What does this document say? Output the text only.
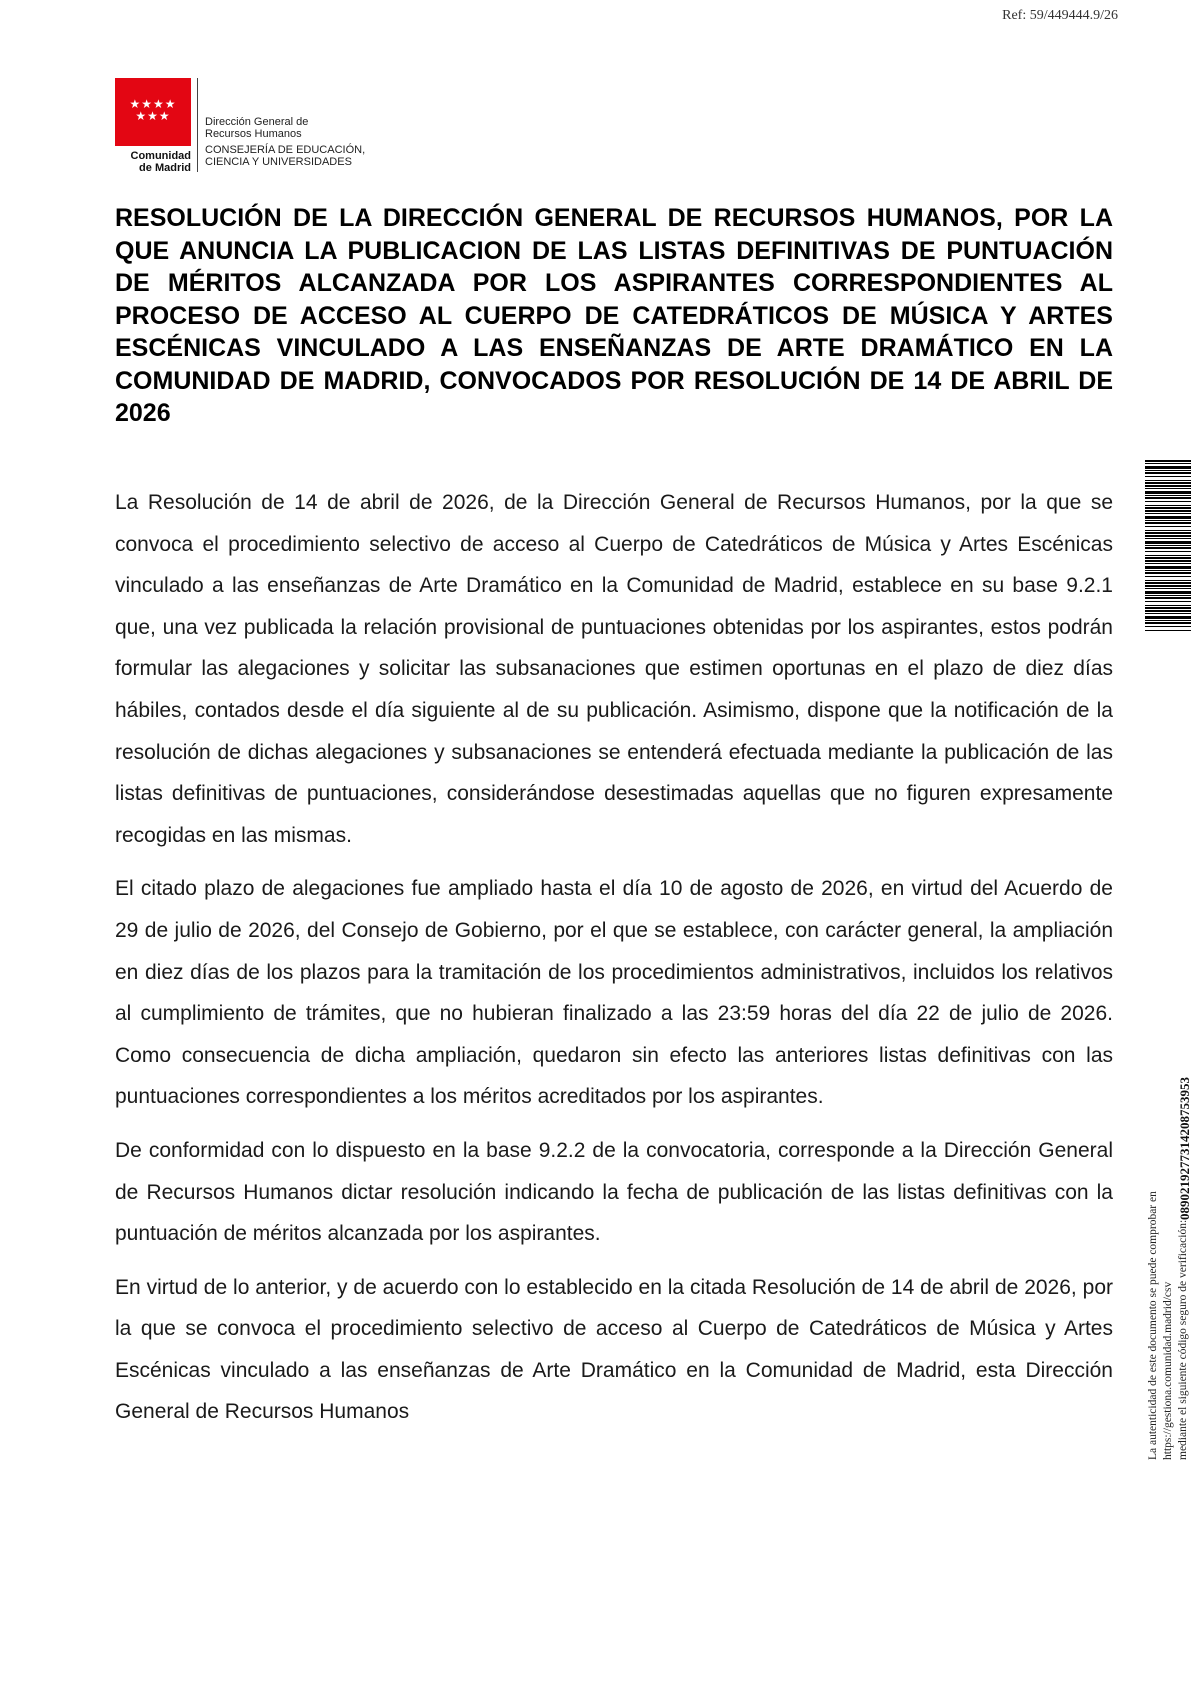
Ref: 59/449444.9/26
★★★★
★★★
Comunidad
de Madrid
Dirección General de
Recursos Humanos
CONSEJERÍA DE EDUCACIÓN,
CIENCIA Y UNIVERSIDADES
RESOLUCIÓN DE LA DIRECCIÓN GENERAL DE RECURSOS HUMANOS, POR LA QUE ANUNCIA LA PUBLICACION DE LAS LISTAS DEFINITIVAS DE PUNTUACIÓN DE MÉRITOS ALCANZADA POR LOS ASPIRANTES CORRESPONDIENTES AL PROCESO DE ACCESO AL CUERPO DE CATEDRÁTICOS DE MÚSICA Y ARTES ESCÉNICAS VINCULADO A LAS ENSEÑANZAS DE ARTE DRAMÁTICO EN LA COMUNIDAD DE MADRID, CONVOCADOS POR RESOLUCIÓN DE 14 DE ABRIL DE 2026

La Resolución de 14 de abril de 2026, de la Dirección General de Recursos Humanos, por la que se convoca el procedimiento selectivo de acceso al Cuerpo de Catedráticos de Música y Artes Escénicas vinculado a las enseñanzas de Arte Dramático en la Comunidad de Madrid, establece en su base 9.2.1 que, una vez publicada la relación provisional de puntuaciones obtenidas por los aspirantes, estos podrán formular las alegaciones y solicitar las subsanaciones que estimen oportunas en el plazo de diez días hábiles, contados desde el día siguiente al de su publicación. Asimismo, dispone que la notificación de la resolución de dichas alegaciones y subsanaciones se entenderá efectuada mediante la publicación de las listas definitivas de puntuaciones, considerándose desestimadas aquellas que no figuren expresamente recogidas en las mismas.

El citado plazo de alegaciones fue ampliado hasta el día 10 de agosto de 2026, en virtud del Acuerdo de 29 de julio de 2026, del Consejo de Gobierno, por el que se establece, con carácter general, la ampliación en diez días de los plazos para la tramitación de los procedimientos administrativos, incluidos los relativos al cumplimiento de trámites, que no hubieran finalizado a las 23:59 horas del día 22 de julio de 2026. Como consecuencia de dicha ampliación, quedaron sin efecto las anteriores listas definitivas con las puntuaciones correspondientes a los méritos acreditados por los aspirantes.

De conformidad con lo dispuesto en la base 9.2.2 de la convocatoria, corresponde a la Dirección General de Recursos Humanos dictar resolución indicando la fecha de publicación de las listas definitivas con la puntuación de méritos alcanzada por los aspirantes.

En virtud de lo anterior, y de acuerdo con lo establecido en la citada Resolución de 14 de abril de 2026, por la que se convoca el procedimiento selectivo de acceso al Cuerpo de Catedráticos de Música y Artes Escénicas vinculado a las enseñanzas de Arte Dramático en la Comunidad de Madrid, esta Dirección General de Recursos Humanos	La autenticidad de este documento se puede comprobar en https://gestiona.comunidad.madrid/csv mediante el siguiente código seguro de verificación:
0890219277314208753953
